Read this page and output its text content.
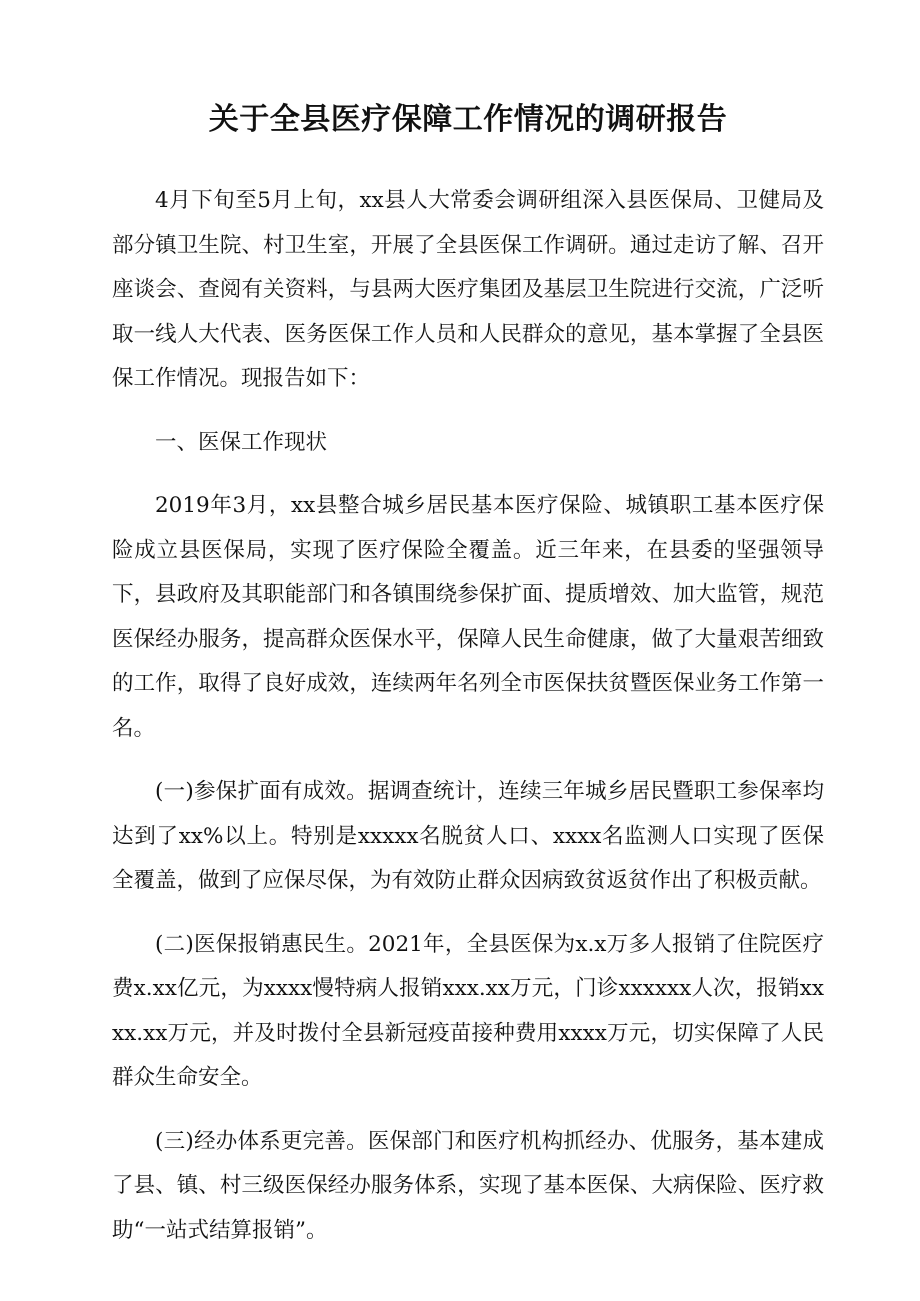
关于全县医疗保障工作情况的调研报告

4月下旬至5月上旬，xx县人大常委会调研组深入县医保局、卫健局及部分镇卫生院、村卫生室，开展了全县医保工作调研。通过走访了解、召开座谈会、查阅有关资料，与县两大医疗集团及基层卫生院进行交流，广泛听取一线人大代表、医务医保工作人员和人民群众的意见，基本掌握了全县医保工作情况。现报告如下：

一、医保工作现状

2019年3月，xx县整合城乡居民基本医疗保险、城镇职工基本医疗保险成立县医保局，实现了医疗保险全覆盖。近三年来，在县委的坚强领导下，县政府及其职能部门和各镇围绕参保扩面、提质增效、加大监管，规范医保经办服务，提高群众医保水平，保障人民生命健康，做了大量艰苦细致的工作，取得了良好成效，连续两年名列全市医保扶贫暨医保业务工作第一名。

(一)参保扩面有成效。据调查统计，连续三年城乡居民暨职工参保率均达到了xx%以上。特别是xxxxx名脱贫人口、xxxx名监测人口实现了医保全覆盖，做到了应保尽保，为有效防止群众因病致贫返贫作出了积极贡献。

(二)医保报销惠民生。2021年，全县医保为x.x万多人报销了住院医疗费x.xx亿元，为xxxx慢特病人报销xxx.xx万元，门诊xxxxxx人次，报销xxxx.xx万元，并及时拨付全县新冠疫苗接种费用xxxx万元，切实保障了人民群众生命安全。

(三)经办体系更完善。医保部门和医疗机构抓经办、优服务，基本建成了县、镇、村三级医保经办服务体系，实现了基本医保、大病保险、医疗救助“一站式结算报销”。
